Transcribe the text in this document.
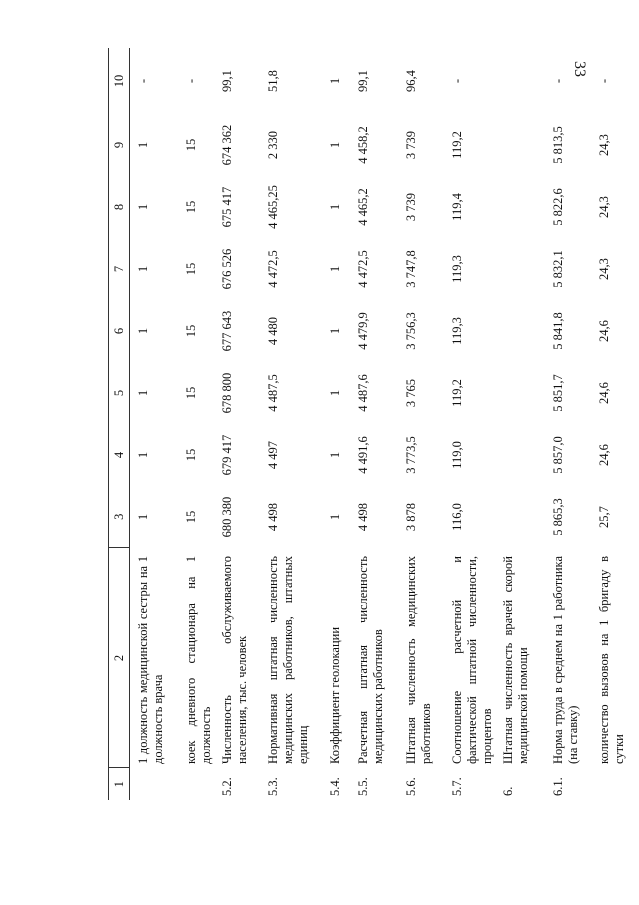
33
1	2	3	4	5	6	7	8	9	10
	1 должность медицинской сестры на 1 должность врача	1	1	1	1	1	1	1	-
	коек дневного стационара на 1 должность	15	15	15	15	15	15	15	-
5.2.	Численность обслуживаемого населения, тыс. человек	680 380	679 417	678 800	677 643	676 526	675 417	674 362	99,1
5.3.	Нормативная штатная численность медицинских работников, штатных единиц	4 498	4 497	4 487,5	4 480	4 472,5	4 465,25	2 330	51,8
5.4.	Коэффициент геолокации	1	1	1	1	1	1	1	1
5.5.	Расчетная штатная численность медицинских работников	4 498	4 491,6	4 487,6	4 479,9	4 472,5	4 465,2	4 458,2	99,1
5.6.	Штатная численность медицинских работников	3 878	3 773,5	3 765	3 756,3	3 747,8	3 739	3 739	96,4
5.7.	Соотношение расчетной и фактической штатной численности, процентов	116,0	119,0	119,2	119,3	119,3	119,4	119,2	-
6.	Штатная численность врачей скорой медицинской помощи								
6.1.	Норма труда в среднем на 1 работника (на ставку)	5 865,3	5 857,0	5 851,7	5 841,8	5 832,1	5 822,6	5 813,5	-
	количество вызовов на 1 бригаду в сутки	25,7	24,6	24,6	24,6	24,3	24,3	24,3	-
